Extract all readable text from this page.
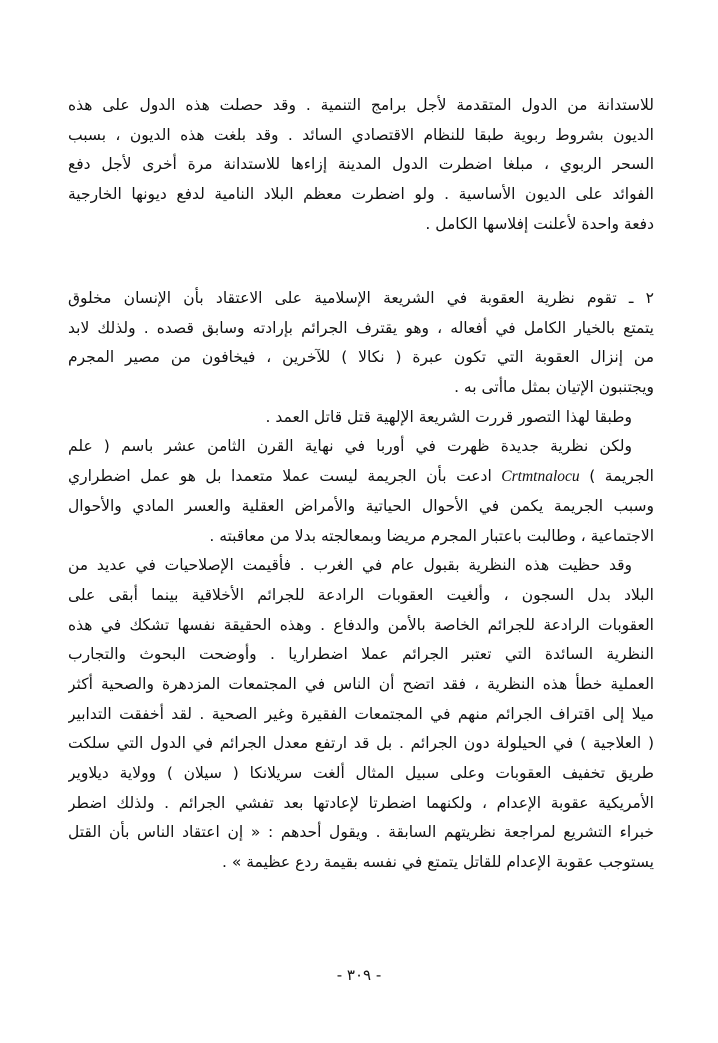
للاستدانة من الدول المتقدمة لأجل برامج التنمية . وقد حصلت هذه الدول على هذه
الديون بشروط ربوية طبقا للنظام الاقتصادي السائد . وقد بلغت هذه الديون ، بسبب
السحر الربوي ، مبلغا اضطرت الدول المدينة إزاءها للاستدانة مرة أخرى لأجل دفع
الفوائد على الديون الأساسية . ولو اضطرت معظم البلاد النامية لدفع ديونها الخارجية
دفعة واحدة لأعلنت إفلاسها الكامل .
٢ ـ تقوم نظرية العقوبة في الشريعة الإسلامية على الاعتقاد بأن الإنسان مخلوق
يتمتع بالخيار الكامل في أفعاله ، وهو يقترف الجرائم بإرادته وسابق قصده . ولذلك لابد
من إنزال العقوبة التي تكون عبرة ( نكالا ) للآخرين ، فيخافون من مصير المجرم
ويجتنبون الإتيان بمثل ماأتى به .
وطبقا لهذا التصور قررت الشريعة الإلهية قتل قاتل العمد .
ولكن نظرية جديدة ظهرت في أوربا في نهاية القرن الثامن عشر باسم ( علم
الجريمة ) Crtmtnalocu ادعت بأن الجريمة ليست عملا متعمدا بل هو عمل اضطراري
وسبب الجريمة يكمن في الأحوال الحياتية والأمراض العقلية والعسر المادي والأحوال
الاجتماعية ، وطالبت باعتبار المجرم مريضا وبمعالجته بدلا من معاقبته .
وقد حظيت هذه النظرية بقبول عام في الغرب . فأقيمت الإصلاحيات في عديد من
البلاد بدل السجون ، وألغيت العقوبات الرادعة للجرائم الأخلاقية بينما أبقى على
العقوبات الرادعة للجرائم الخاصة بالأمن والدفاع . وهذه الحقيقة نفسها تشكك في هذه
النظرية السائدة التي تعتبر الجرائم عملا اضطراريا . وأوضحت البحوث والتجارب
العملية خطأ هذه النظرية ، فقد اتضح أن الناس في المجتمعات المزدهرة والصحية أكثر
ميلا إلى اقتراف الجرائم منهم في المجتمعات الفقيرة وغير الصحية . لقد أخفقت التدابير
( العلاجية ) في الحيلولة دون الجرائم . بل قد ارتفع معدل الجرائم في الدول التي سلكت
طريق تخفيف العقوبات وعلى سبيل المثال ألغت سريلانكا ( سيلان ) وولاية ديلاوير
الأمريكية عقوبة الإعدام ، ولكنهما اضطرتا لإعادتها بعد تفشي الجرائم . ولذلك اضطر
خبراء التشريع لمراجعة نظريتهم السابقة . ويقول أحدهم : « إن اعتقاد الناس بأن القتل
يستوجب عقوبة الإعدام للقاتل يتمتع في نفسه بقيمة ردع عظيمة » .
- ٣٠٩ -
